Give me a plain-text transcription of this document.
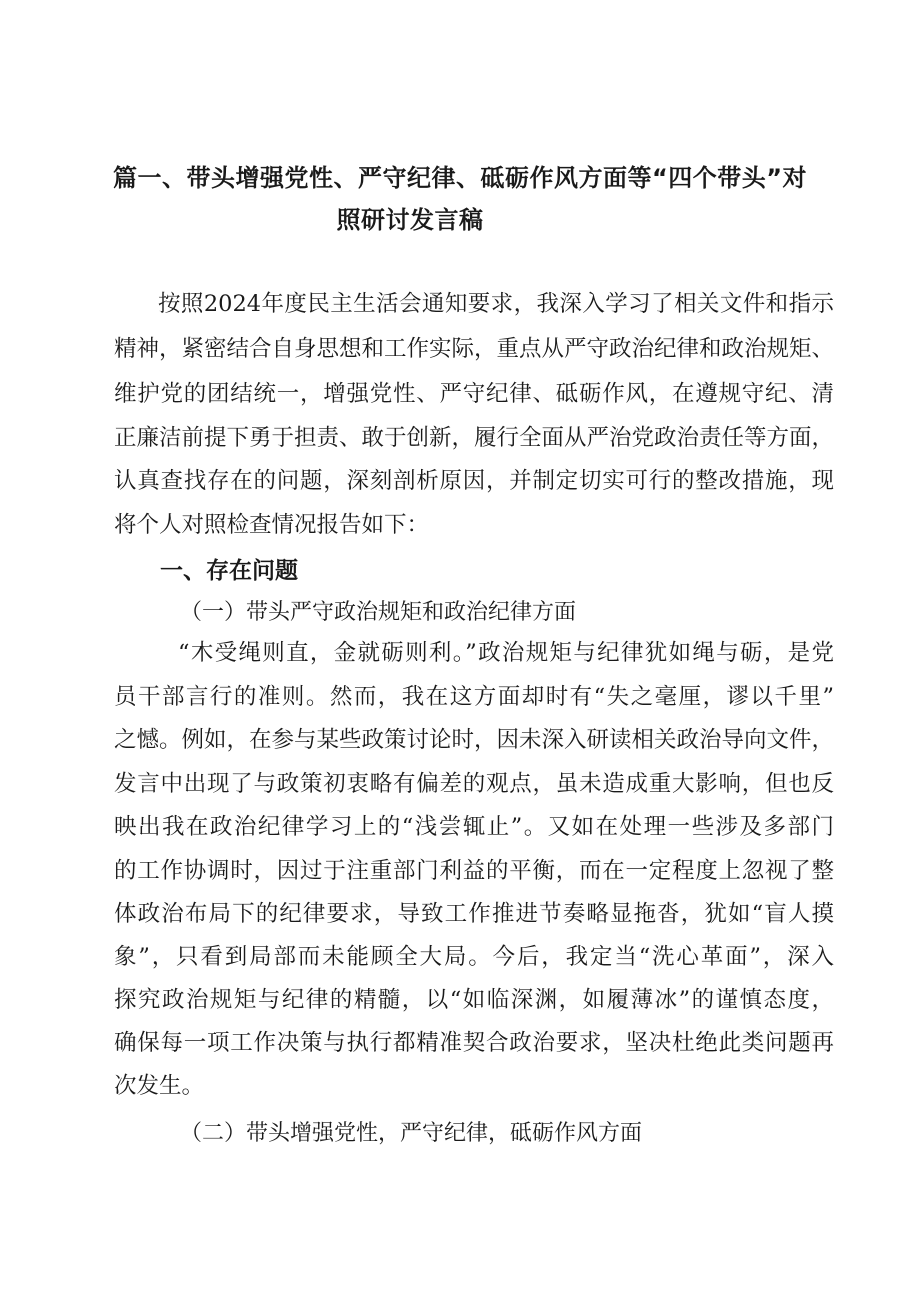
篇一、带头增强党性、严守纪律、砥砺作风方面等“四个带头”对
照研讨发言稿
按照2024年度民主生活会通知要求，我深入学习了相关文件和指示
精神，紧密结合自身思想和工作实际，重点从严守政治纪律和政治规矩、
维护党的团结统一，增强党性、严守纪律、砥砺作风，在遵规守纪、清
正廉洁前提下勇于担责、敢于创新，履行全面从严治党政治责任等方面，
认真查找存在的问题，深刻剖析原因，并制定切实可行的整改措施，现
将个人对照检查情况报告如下：
一、存在问题
（一）带头严守政治规矩和政治纪律方面
“木受绳则直，金就砺则利。”政治规矩与纪律犹如绳与砺，是党
员干部言行的准则。然而，我在这方面却时有“失之毫厘，谬以千里”
之憾。例如，在参与某些政策讨论时，因未深入研读相关政治导向文件，
发言中出现了与政策初衷略有偏差的观点，虽未造成重大影响，但也反
映出我在政治纪律学习上的“浅尝辄止”。又如在处理一些涉及多部门
的工作协调时，因过于注重部门利益的平衡，而在一定程度上忽视了整
体政治布局下的纪律要求，导致工作推进节奏略显拖沓，犹如“盲人摸
象”，只看到局部而未能顾全大局。今后，我定当“洗心革面”，深入
探究政治规矩与纪律的精髓，以“如临深渊，如履薄冰”的谨慎态度，
确保每一项工作决策与执行都精准契合政治要求，坚决杜绝此类问题再
次发生。
（二）带头增强党性，严守纪律，砥砺作风方面
